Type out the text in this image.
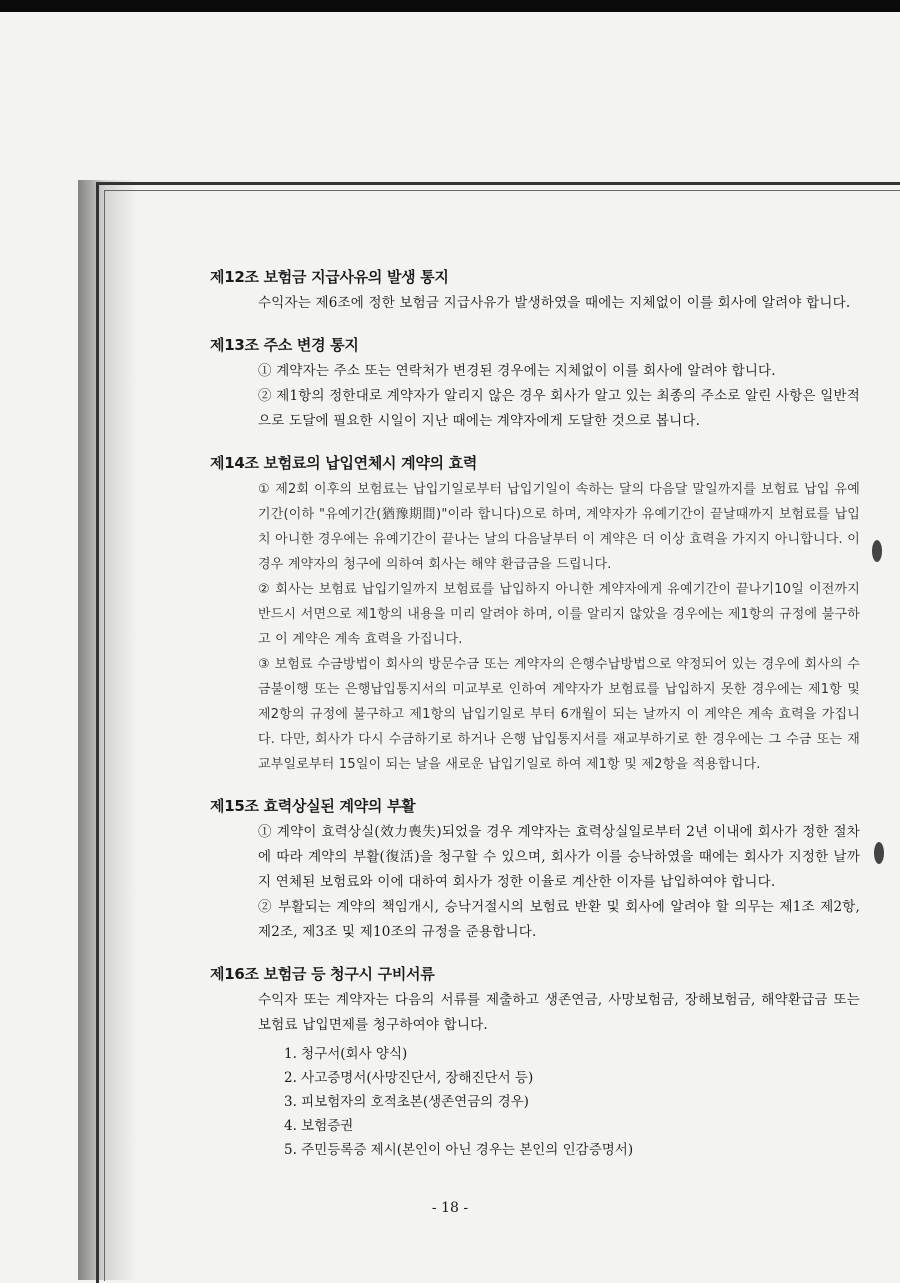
제12조 보험금 지급사유의 발생 통지

수익자는 제6조에 정한 보험금 지급사유가 발생하였을 때에는 지체없이 이를 회사에 알려야 합니다.

제13조 주소 변경 통지

① 계약자는 주소 또는 연락처가 변경된 경우에는 지체없이 이를 회사에 알려야 합니다.

② 제1항의 정한대로 계약자가 알리지 않은 경우 회사가 알고 있는 최종의 주소로 알린 사항은 일반적으로 도달에 필요한 시일이 지난 때에는 계약자에게 도달한 것으로 봅니다.

제14조 보험료의 납입연체시 계약의 효력

① 제2회 이후의 보험료는 납입기일로부터 납입기일이 속하는 달의 다음달 말일까지를 보험료 납입 유예기간(이하 "유예기간(猶豫期間)"이라 합니다)으로 하며, 계약자가 유예기간이 끝날때까지 보험료를 납입치 아니한 경우에는 유예기간이 끝나는 날의 다음날부터 이 계약은 더 이상 효력을 가지지 아니합니다. 이 경우 계약자의 청구에 의하여 회사는 해약 환급금을 드립니다.

② 회사는 보험료 납입기일까지 보험료를 납입하지 아니한 계약자에게 유예기간이 끝나기10일 이전까지 반드시 서면으로 제1항의 내용을 미리 알려야 하며, 이를 알리지 않았을 경우에는 제1항의 규정에 불구하고 이 계약은 계속 효력을 가집니다.

③ 보험료 수금방법이 회사의 방문수금 또는 계약자의 은행수납방법으로 약정되어 있는 경우에 회사의 수금불이행 또는 은행납입통지서의 미교부로 인하여 계약자가 보험료를 납입하지 못한 경우에는 제1항 및 제2항의 규정에 불구하고 제1항의 납입기일로 부터 6개월이 되는 날까지 이 계약은 계속 효력을 가집니다. 다만, 회사가 다시 수금하기로 하거나 은행 납입통지서를 재교부하기로 한 경우에는 그 수금 또는 재교부일로부터 15일이 되는 날을 새로운 납입기일로 하여 제1항 및 제2항을 적용합니다.

제15조 효력상실된 계약의 부활

① 계약이 효력상실(效力喪失)되었을 경우 계약자는 효력상실일로부터 2년 이내에 회사가 정한 절차에 따라 계약의 부활(復活)을 청구할 수 있으며, 회사가 이를 승낙하였을 때에는 회사가 지정한 날까지 연체된 보험료와 이에 대하여 회사가 정한 이율로 계산한 이자를 납입하여야 합니다.

② 부활되는 계약의 책임개시, 승낙거절시의 보험료 반환 및 회사에 알려야 할 의무는 제1조 제2항, 제2조, 제3조 및 제10조의 규정을 준용합니다.

제16조 보험금 등 청구시 구비서류

수익자 또는 계약자는 다음의 서류를 제출하고 생존연금, 사망보험금, 장해보험금, 해약환급금 또는 보험료 납입면제를 청구하여야 합니다.

1. 청구서(회사 양식)
2. 사고증명서(사망진단서, 장해진단서 등)
3. 피보험자의 호적초본(생존연금의 경우)
4. 보험증권
5. 주민등록증 제시(본인이 아닌 경우는 본인의 인감증명서)
- 18 -
